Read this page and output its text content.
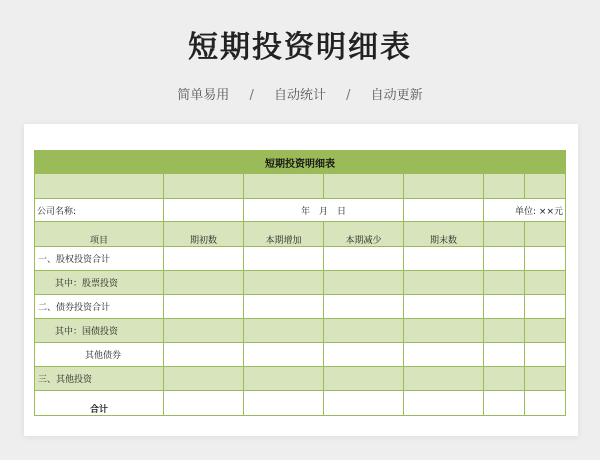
短期投资明细表
简单易用 / 自动统计 / 自动更新
短期投资明细表						

公司名称:		年　月　日			单位: ××元	
项目	期初数	本期增加	本期减少	期末数		
一、股权投资合计						
其中：股票投资						
二、债券投资合计						
其中：国债投资						
其他债券						
三、其他投资						
合计						
